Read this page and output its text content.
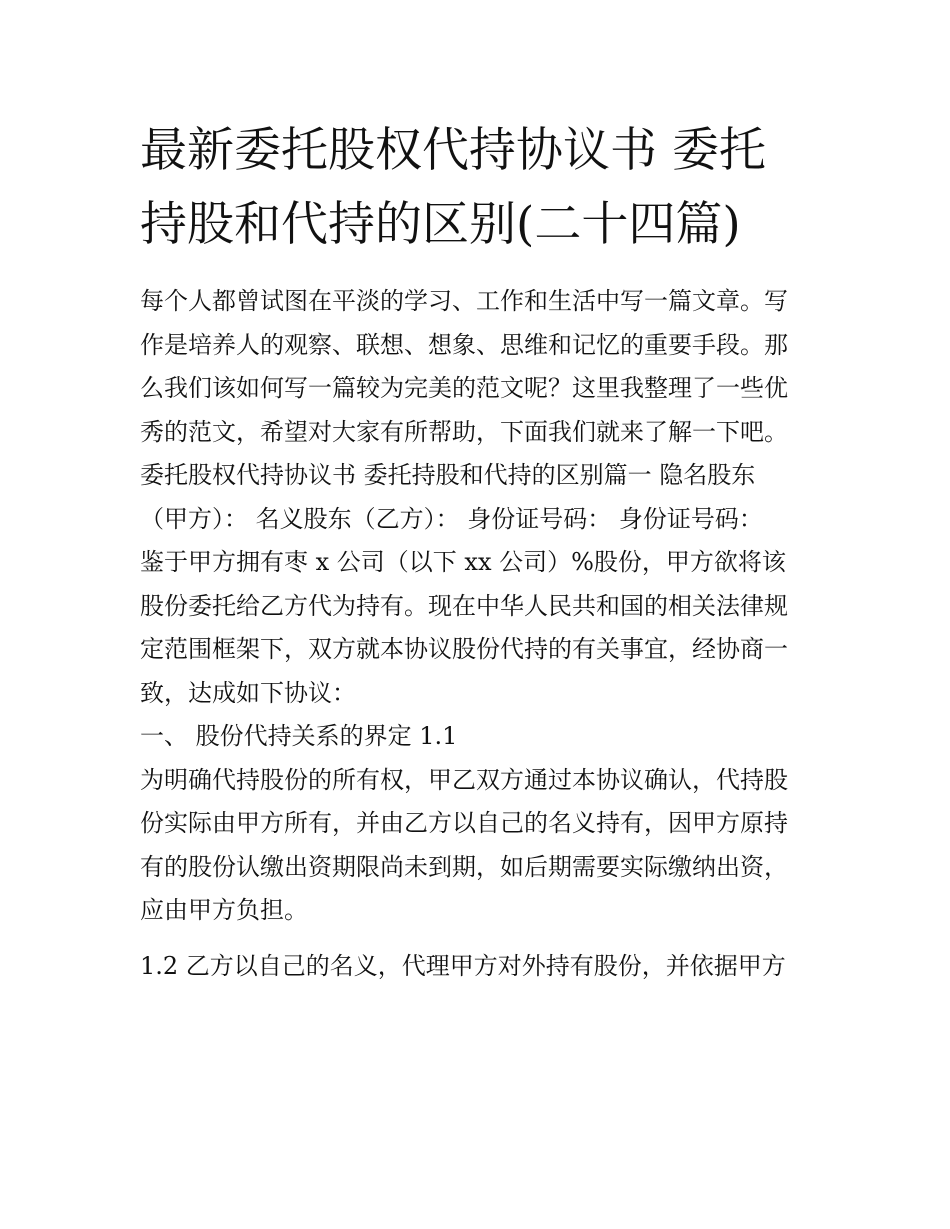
最新委托股权代持协议书 委托
持股和代持的区别(二十四篇)
每个人都曾试图在平淡的学习、工作和生活中写一篇文章。写
作是培养人的观察、联想、想象、思维和记忆的重要手段。那
么我们该如何写一篇较为完美的范文呢？这里我整理了一些优
秀的范文，希望对大家有所帮助，下面我们就来了解一下吧。
委托股权代持协议书 委托持股和代持的区别篇一 隐名股东
（甲方）： 名义股东（乙方）： 身份证号码： 身份证号码：
鉴于甲方拥有枣 x 公司（以下 xx 公司）%股份，甲方欲将该
股份委托给乙方代为持有。现在中华人民共和国的相关法律规
定范围框架下，双方就本协议股份代持的有关事宜，经协商一
致，达成如下协议：
一、 股份代持关系的界定 1.1
为明确代持股份的所有权，甲乙双方通过本协议确认，代持股
份实际由甲方所有，并由乙方以自己的名义持有，因甲方原持
有的股份认缴出资期限尚未到期，如后期需要实际缴纳出资，
应由甲方负担。
1.2 乙方以自己的名义，代理甲方对外持有股份，并依据甲方
